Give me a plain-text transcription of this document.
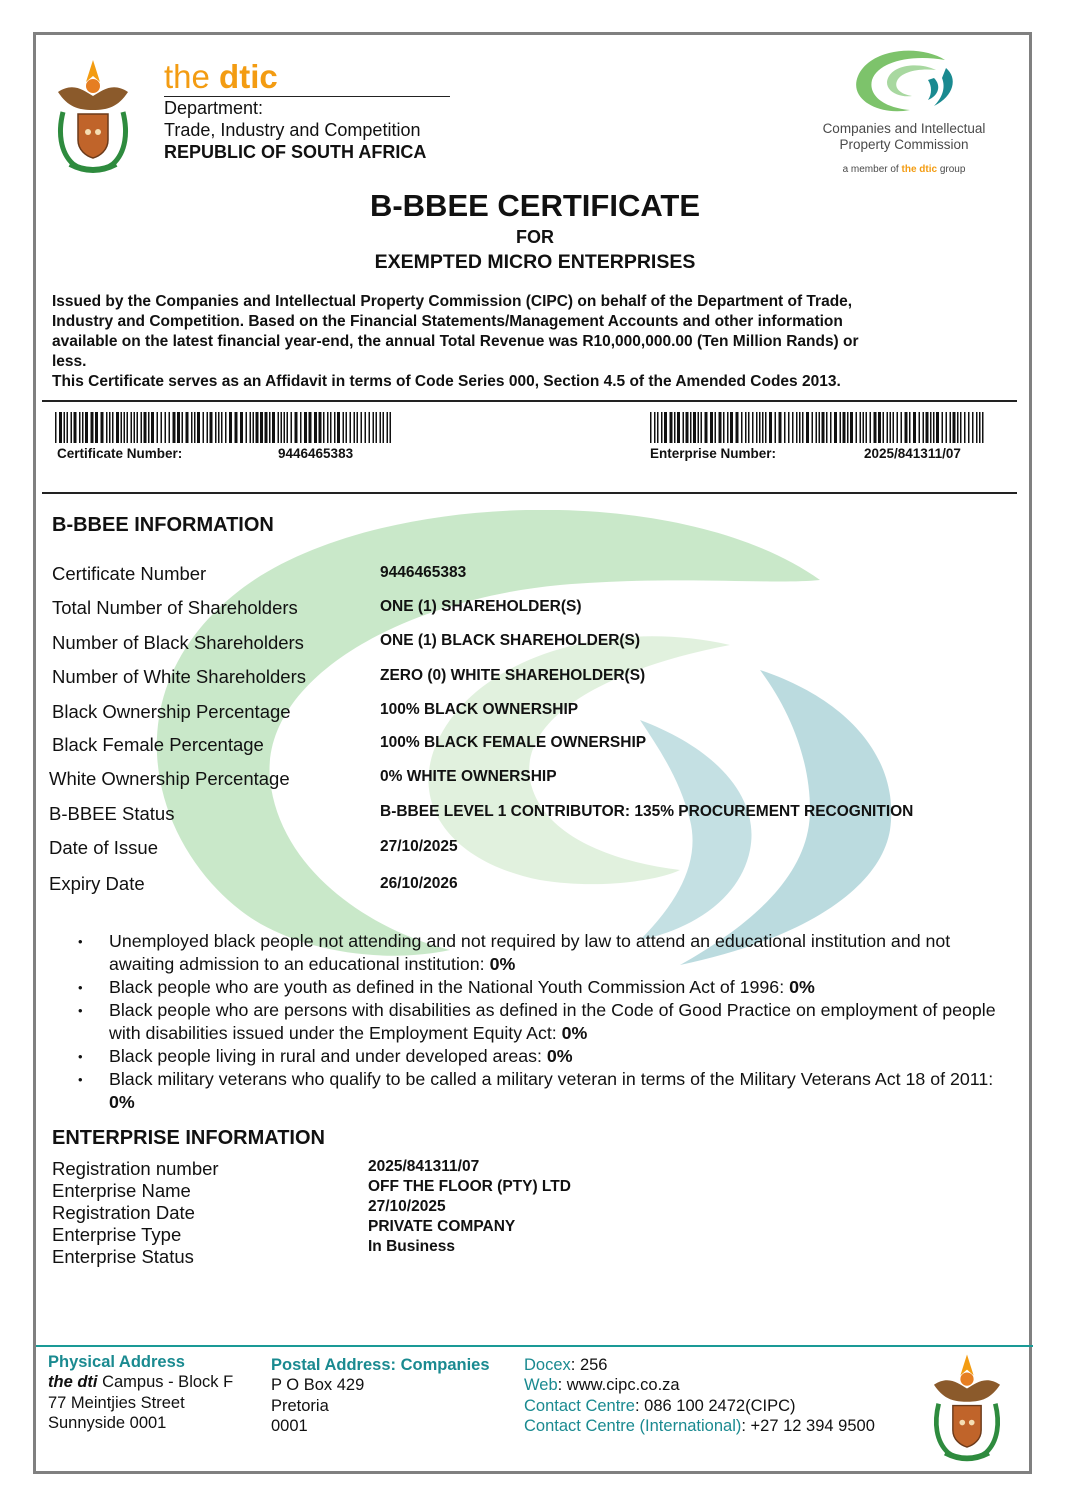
the dtic
Department:
Trade, Industry and Competition
REPUBLIC OF SOUTH AFRICA
Companies and Intellectual
Property Commission
a member of the dtic group
B-BBEE CERTIFICATE
FOR
EXEMPTED MICRO ENTERPRISES
Issued by the Companies and Intellectual Property Commission (CIPC) on behalf of the Department of Trade,
Industry and Competition. Based on the Financial Statements/Management Accounts and other information
available on the latest financial year-end, the annual Total Revenue was R10,000,000.00 (Ten Million Rands) or
less.
This Certificate serves as an Affidavit in terms of Code Series 000, Section 4.5 of the Amended Codes 2013.
Certificate Number:	9446465383	Enterprise Number:	2025/841311/07
B-BBEE INFORMATION
Certificate Number	9446465383
Total Number of Shareholders	ONE (1) SHAREHOLDER(S)
Number of Black Shareholders	ONE (1) BLACK SHAREHOLDER(S)
Number of White Shareholders	ZERO (0) WHITE SHAREHOLDER(S)
Black Ownership Percentage	100% BLACK OWNERSHIP
Black Female Percentage	100% BLACK FEMALE OWNERSHIP
White Ownership Percentage	0% WHITE OWNERSHIP
B-BBEE Status	B-BBEE LEVEL 1 CONTRIBUTOR: 135% PROCUREMENT RECOGNITION
Date of Issue	27/10/2025
Expiry Date	26/10/2026
• Unemployed black people not attending and not required by law to attend an educational institution and not awaiting admission to an educational institution: 0%
• Black people who are youth as defined in the National Youth Commission Act of 1996: 0%
• Black people who are persons with disabilities as defined in the Code of Good Practice on employment of people with disabilities issued under the Employment Equity Act: 0%
• Black people living in rural and under developed areas: 0%
• Black military veterans who qualify to be called a military veteran in terms of the Military Veterans Act 18 of 2011: 0%
ENTERPRISE INFORMATION
Registration number	2025/841311/07
Enterprise Name	OFF THE FLOOR (PTY) LTD
Registration Date	27/10/2025
Enterprise Type	PRIVATE COMPANY
Enterprise Status	In Business
Physical Address
the dti Campus - Block F
77 Meintjies Street
Sunnyside 0001
Postal Address: Companies
P O Box 429
Pretoria
0001
Docex: 256
Web: www.cipc.co.za
Contact Centre: 086 100 2472(CIPC)
Contact Centre (International): +27 12 394 9500
